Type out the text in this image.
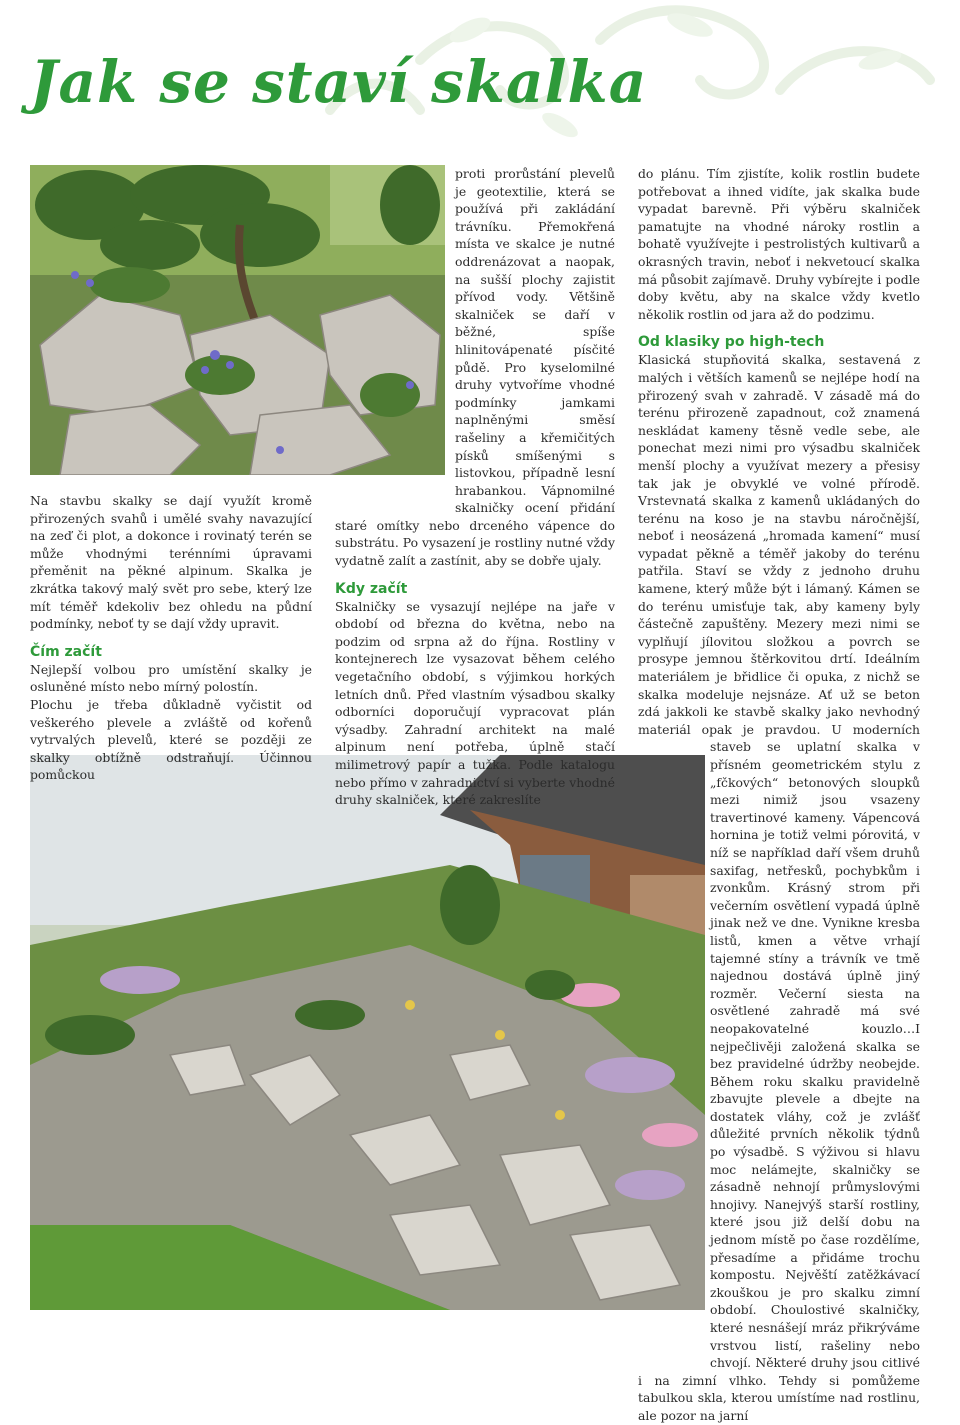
Jak se staví skalka

Na stavbu skalky se dají využít kromě přirozených svahů i umělé svahy navazující na zeď či plot, a dokonce i rovinatý terén se může vhodnými terénními úpravami přeměnit na pěkné alpinum. Skalka je zkrátka takový malý svět pro sebe, který lze mít téměř kdekoliv bez ohledu na půdní podmínky, neboť ty se dají vždy upravit.

Čím začít

Nejlepší volbou pro umístění skalky je osluněné místo nebo mírný polostín.

Plochu je třeba důkladně vyčistit od veškerého plevele a zvláště od kořenů vytrvalých plevelů, které se později ze skalky obtížně odstraňují. Účinnou pomůckou

proti prorůstání plevelů je geotextilie, která se používá při zakládání trávníku. Přemokřená místa ve skalce je nutné oddrenázovat a naopak, na sušší plochy zajistit přívod vody. Většině skalniček se daří v běžné, spíše hlinitovápenaté písčité půdě. Pro kyselomilné druhy vytvoříme vhodné podmínky jamkami naplněnými směsí rašeliny a křemičitých písků smíšenými s listovkou, případně lesní hrabankou. Vápnomilné skalničky ocení přidání staré omítky nebo drceného vápence do substrátu. Po vysazení je rostliny nutné vždy vydatně zalít a zastínit, aby se dobře ujaly.

Kdy začít

Skalničky se vysazují nejlépe na jaře v období od března do května, nebo na podzim od srpna až do října. Rostliny v kontejnerech lze vysazovat během celého vegetačního období, s výjimkou horkých letních dnů. Před vlastním výsadbou skalky odborníci doporučují vypracovat plán výsadby. Zahradní architekt na malé alpinum není potřeba, úplně stačí milimetrový papír a tužka. Podle katalogu nebo přímo v zahradnictví si vyberte vhodné druhy skalniček, které zakreslíte

do plánu. Tím zjistíte, kolik rostlin budete potřebovat a ihned vidíte, jak skalka bude vypadat barevně. Při výběru skalniček pamatujte na vhodné nároky rostlin a bohatě využívejte i pestrolistých kultivarů a okrasných travin, neboť i nekvetoucí skalka má působit zajímavě. Druhy vybírejte i podle doby květu, aby na skalce vždy kvetlo několik rostlin od jara až do podzimu.

Od klasiky po high-tech

Klasická stupňovitá skalka, sestavená z malých i větších kamenů se nejlépe hodí na přirozený svah v zahradě. V zásadě má do terénu přirozeně zapadnout, což znamená neskládat kameny těsně vedle sebe, ale ponechat mezi nimi pro výsadbu skalniček menší plochy a využívat mezery a přesisy tak jak je obvyklé ve volné přírodě. Vrstevnatá skalka z kamenů ukládaných do terénu na koso je na stavbu náročnější, neboť i neosázená „hromada kamení“ musí vypadat pěkně a téměř jakoby do terénu patřila. Staví se vždy z jednoho druhu kamene, který může být i lámaný. Kámen se do terénu umisťuje tak, aby kameny byly částečně zapuštěny. Mezery mezi nimi se vyplňují jílovitou složkou a povrch se prosype jemnou štěrkovitou drtí. Ideálním materiálem je břidlice či opuka, z nichž se skalka modeluje nejsnáze. Ať už se beton zdá jakkoli ke stavbě skalky jako nevhodný materiál opak je pravdou. U moderních staveb se uplatní skalka v přísném geometrickém stylu z „fčkových“ betonových sloupků mezi nimiž jsou vsazeny travertinové kameny. Vápencová hornina je totiž velmi pórovitá, v níž se například daří všem druhů saxifag, netřesků, pochybkům i zvonkům. Krásný strom při večerním osvětlení vypadá úplně jinak než ve dne. Vynikne kresba listů, kmen a větve vrhají tajemné stíny a trávník ve tmě najednou dostává úplně jiný rozměr. Večerní siesta na osvětlené zahradě má své neopakovatelné kouzlo…I nejpečlivěji založená skalka se bez pravidelné údržby neobejde. Během roku skalku pravidelně zbavujte plevele a dbejte na dostatek vláhy, což je zvlášť důležité prvních několik týdnů po výsadbě. S výživou si hlavu moc nelámejte, skalničky se zásadně nehnojí průmyslovými hnojivy. Nanejvýš starší rostliny, které jsou již delší dobu na jednom místě po čase rozdělíme, přesadíme a přidáme trochu kompostu. Nejvěští zatěžkávací zkouškou je pro skalku zimní období. Choulostivé skalničky, které nesnášejí mráz přikrýváme vrstvou listí, rašeliny nebo chvojí. Některé druhy jsou citlivé i na zimní vlhko. Tehdy si pomůžeme tabulkou skla, kterou umístíme nad rostlinu, ale pozor na jarní
